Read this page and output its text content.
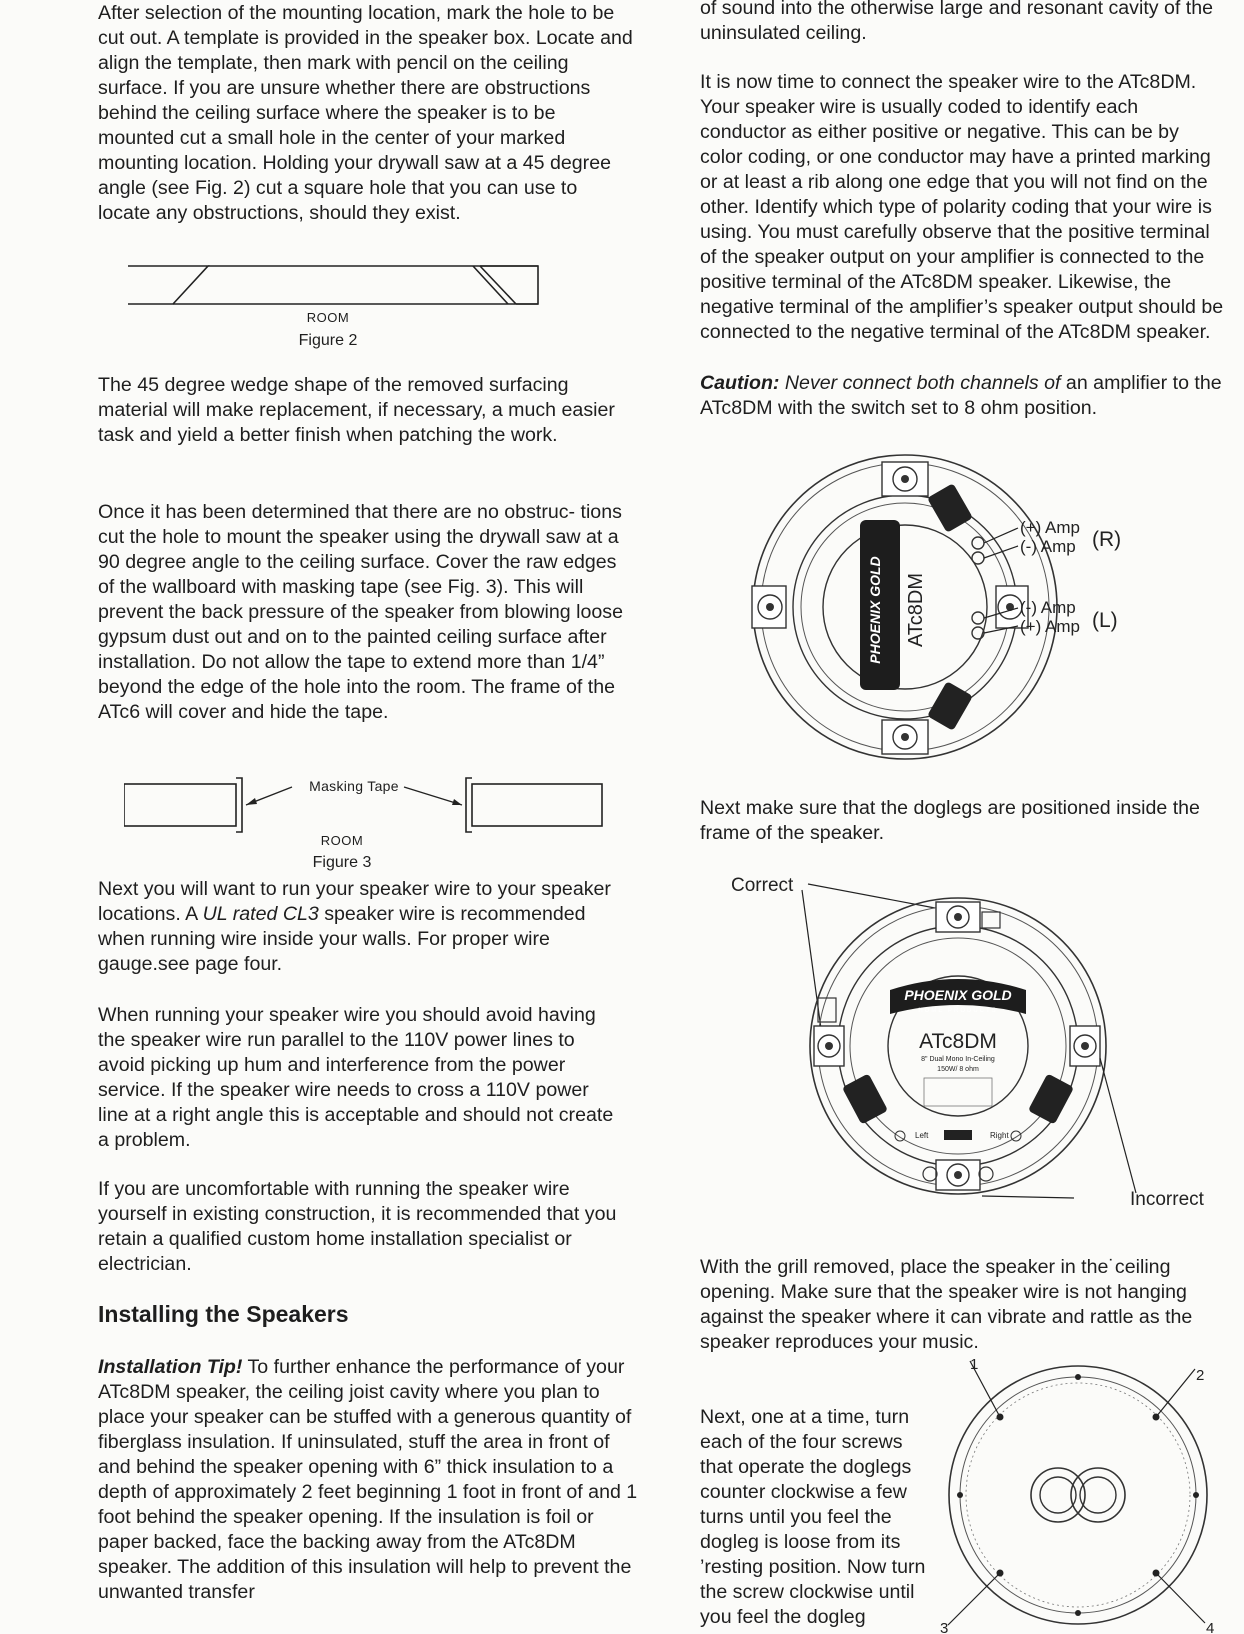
After selection of the mounting location, mark the hole to be cut out. A template is provided in the speaker box. Locate and align the template, then mark with pencil on the ceiling surface. If you are unsure whether there are obstructions behind the ceiling surface where the speaker is to be mounted cut a small hole in the center of your marked mounting location. Holding your drywall saw at a 45 degree angle (see Fig. 2) cut a square hole that you can use to locate any obstructions, should they exist.

ROOM
Figure 2

The 45 degree wedge shape of the removed surfacing material will make replacement, if necessary, a much easier task and yield a better finish when patching the work.

Once it has been determined that there are no obstruc- tions cut the hole to mount the speaker using the drywall saw at a 90 degree angle to the ceiling surface. Cover the raw edges of the wallboard with masking tape (see Fig. 3). This will prevent the back pressure of the speaker from blowing loose gypsum dust out and on to the painted ceiling surface after installation. Do not allow the tape to extend more than 1/4” beyond the edge of the hole into the room. The frame of the ATc6 will cover and hide the tape.

Masking Tape
ROOM
Figure 3

Next you will want to run your speaker wire to your speaker locations. A UL rated CL3 speaker wire is recommended when running wire inside your walls. For proper wire gauge.see page four.

When running your speaker wire you should avoid having the speaker wire run parallel to the 110V power lines to avoid picking up hum and interference from the power service. If the speaker wire needs to cross a 110V power line at a right angle this is acceptable and should not create a problem.

If you are uncomfortable with running the speaker wire yourself in existing construction, it is recommended that you retain a qualified custom home installation specialist or electrician.

Installing the Speakers

Installation Tip! To further enhance the performance of your ATc8DM speaker, the ceiling joist cavity where you plan to place your speaker can be stuffed with a generous quantity of fiberglass insulation. If uninsulated, stuff the area in front of and behind the speaker opening with 6” thick insulation to a depth of approximately 2 feet beginning 1 foot in front of and 1 foot behind the speaker opening. If the insulation is foil or paper backed, face the backing away from the ATc8DM speaker. The addition of this insulation will help to prevent the unwanted transfer

of sound into the otherwise large and resonant cavity of the uninsulated ceiling.

It is now time to connect the speaker wire to the ATc8DM. Your speaker wire is usually coded to identify each conductor as either positive or negative. This can be by color coding, or one conductor may have a printed marking or at least a rib along one edge that you will not find on the other. Identify which type of polarity coding that your wire is using. You must carefully observe that the positive terminal of the speaker output on your amplifier is connected to the positive terminal of the ATc8DM speaker. Likewise, the negative terminal of the amplifier’s speaker output should be connected to the negative terminal of the ATc8DM speaker.

Caution: Never connect both channels of an amplifier to the ATc8DM with the switch set to 8 ohm position.

PHOENIX GOLD ATc8DM
(+) Amp
(-) Amp (R)
(-) Amp
(+) Amp (L)

Next make sure that the doglegs are positioned inside the frame of the speaker.

Correct
PHOENIX GOLD
HOME PRODUCTS
ATc8DM
8" Dual Mono In-Ceiling
150W/ 8 ohm
Left	Right
Incorrect

With the grill removed, place the speaker in the˙ceiling opening. Make sure that the speaker wire is not hanging against the speaker where it can vibrate and rattle as the speaker reproduces your music.

Next, one at a time, turn each of the four screws that operate the doglegs counter clockwise a few turns until you feel the dogleg is loose from its ’resting position. Now turn the screw clockwise until you feel the dogleg

1
2
3	4
